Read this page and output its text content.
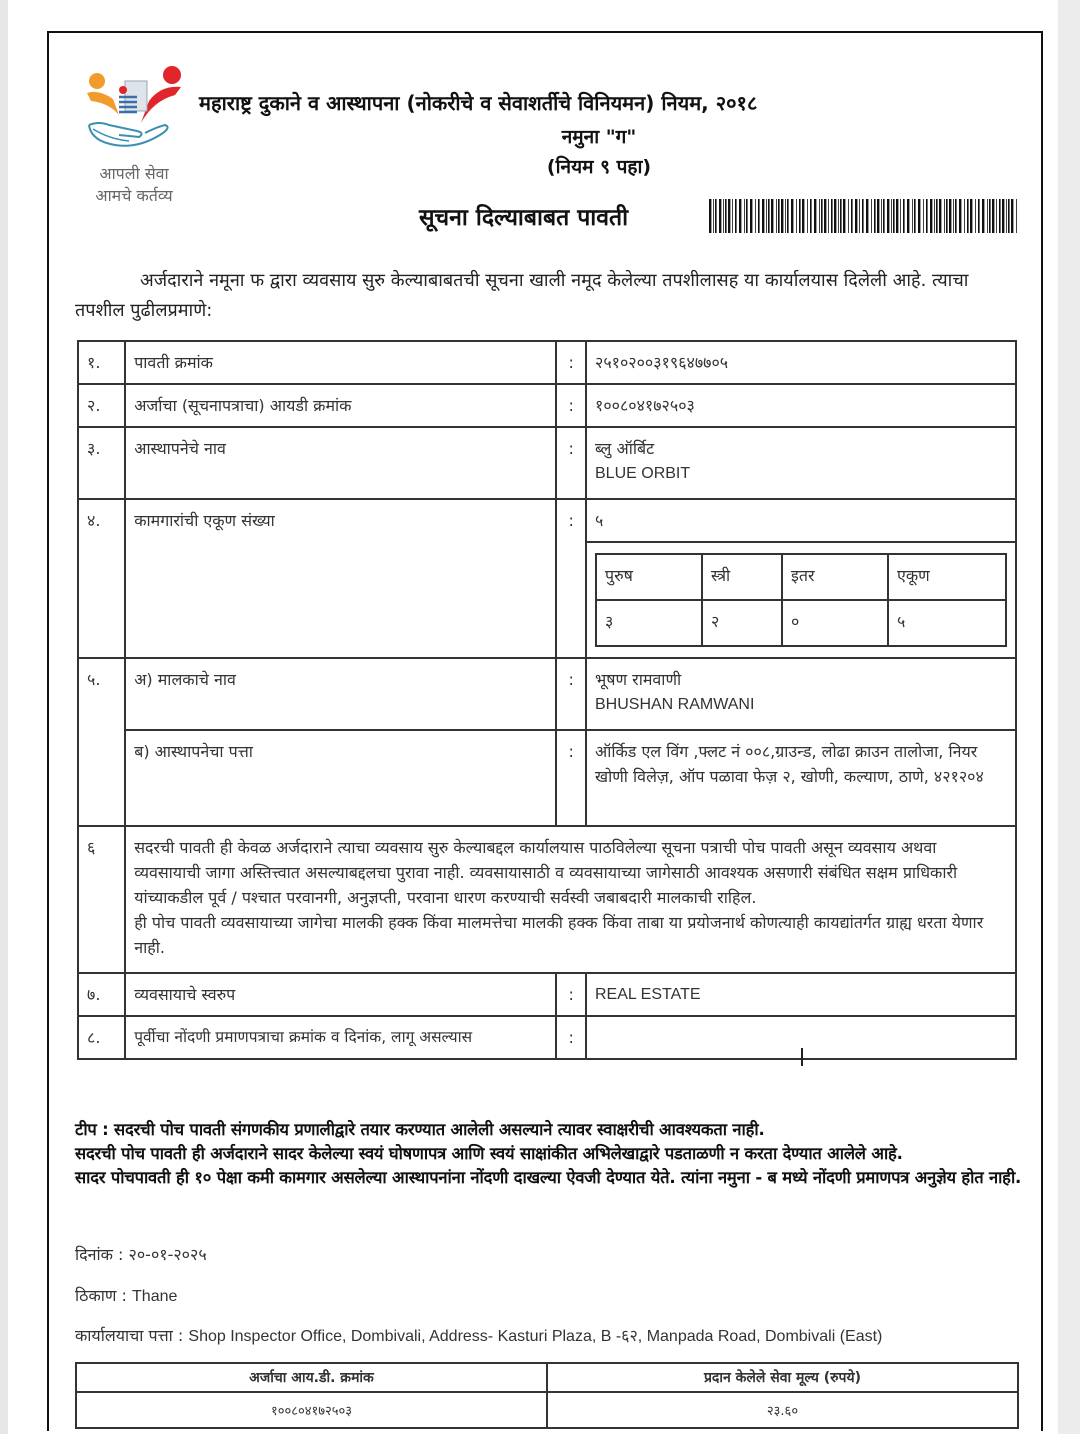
आपली सेवा
आमचे कर्तव्य
महाराष्ट्र दुकाने व आस्थापना (नोकरीचे व सेवाशर्तीचे विनियमन) नियम, २०१८
नमुना "ग"
(नियम ९ पहा)
सूचना दिल्याबाबत पावती
अर्जदाराने नमूना फ द्वारा व्यवसाय सुरु केल्याबाबतची सूचना खाली नमूद केलेल्या तपशीलासह या कार्यालयास दिलेली आहे. त्याचा तपशील पुढीलप्रमाणे:
१.	पावती क्रमांक	:	२५१०२००३१९६४७७०५
२.	अर्जाचा (सूचनापत्राचा) आयडी क्रमांक	:	१००८०४१७२५०३
३.	आस्थापनेचे नाव	:	ब्लु ऑर्बिट
BLUE ORBIT

४.	कामगारांची एकूण संख्या	:	५

पुरुष	स्त्री	इतर	एकूण
३	२	०	५

५.	अ) मालकाचे नाव	:	भूषण रामवाणी
BHUSHAN RAMWANI

ब) आस्थापनेचा पत्ता	:	ऑर्किड एल विंग ,फ्लट नं ००८,ग्राउन्ड, लोढा क्राउन तालोजा, नियर खोणी विलेज़, ऑप पळावा फेज़ २, खोणी, कल्याण, ठाणे, ४२१२०४
६	सदरची पावती ही केवळ अर्जदाराने त्याचा व्यवसाय सुरु केल्याबद्दल कार्यालयास पाठविलेल्या सूचना पत्राची पोच पावती असून व्यवसाय अथवा व्यवसायाची जागा अस्तित्त्वात असल्याबद्दलचा पुरावा नाही. व्यवसायासाठी व व्यवसायाच्या जागेसाठी आवश्यक असणारी संबंधित सक्षम प्राधिकारी यांच्याकडील पूर्व / पश्चात परवानगी, अनुज्ञप्ती, परवाना धारण करण्याची सर्वस्वी जबाबदारी मालकाची राहिल.
ही पोच पावती व्यवसायाच्या जागेचा मालकी हक्क किंवा मालमत्तेचा मालकी हक्क किंवा ताबा या प्रयोजनार्थ कोणत्याही कायद्यांतर्गत ग्राह्य धरता येणार नाही.

७.	व्यवसायाचे स्वरुप	:	REAL ESTATE
८.	पूर्वीचा नोंदणी प्रमाणपत्राचा क्रमांक व दिनांक, लागू असल्यास	:	
टीप : सदरची पोच पावती संगणकीय प्रणालीद्वारे तयार करण्यात आलेली असल्याने त्यावर स्वाक्षरीची आवश्यकता नाही.
सदरची पोच पावती ही अर्जदाराने सादर केलेल्या स्वयं घोषणापत्र आणि स्वयं साक्षांकीत अभिलेखाद्वारे पडताळणी न करता देण्यात आलेले आहे.
सादर पोचपावती ही १० पेक्षा कमी कामगार असलेल्या आस्थापनांना नोंदणी दाखल्या ऐवजी देण्यात येते. त्यांना नमुना - ब मध्ये नोंदणी प्रमाणपत्र अनुज्ञेय होत नाही.
दिनांक : २०-०१-२०२५
ठिकाण : Thane
कार्यालयाचा पत्ता : Shop Inspector Office, Dombivali, Address- Kasturi Plaza, B -६२, Manpada Road, Dombivali (East)
अर्जाचा आय.डी. क्रमांक	प्रदान केलेले सेवा मूल्य (रुपये)
१००८०४१७२५०३	२३.६०
